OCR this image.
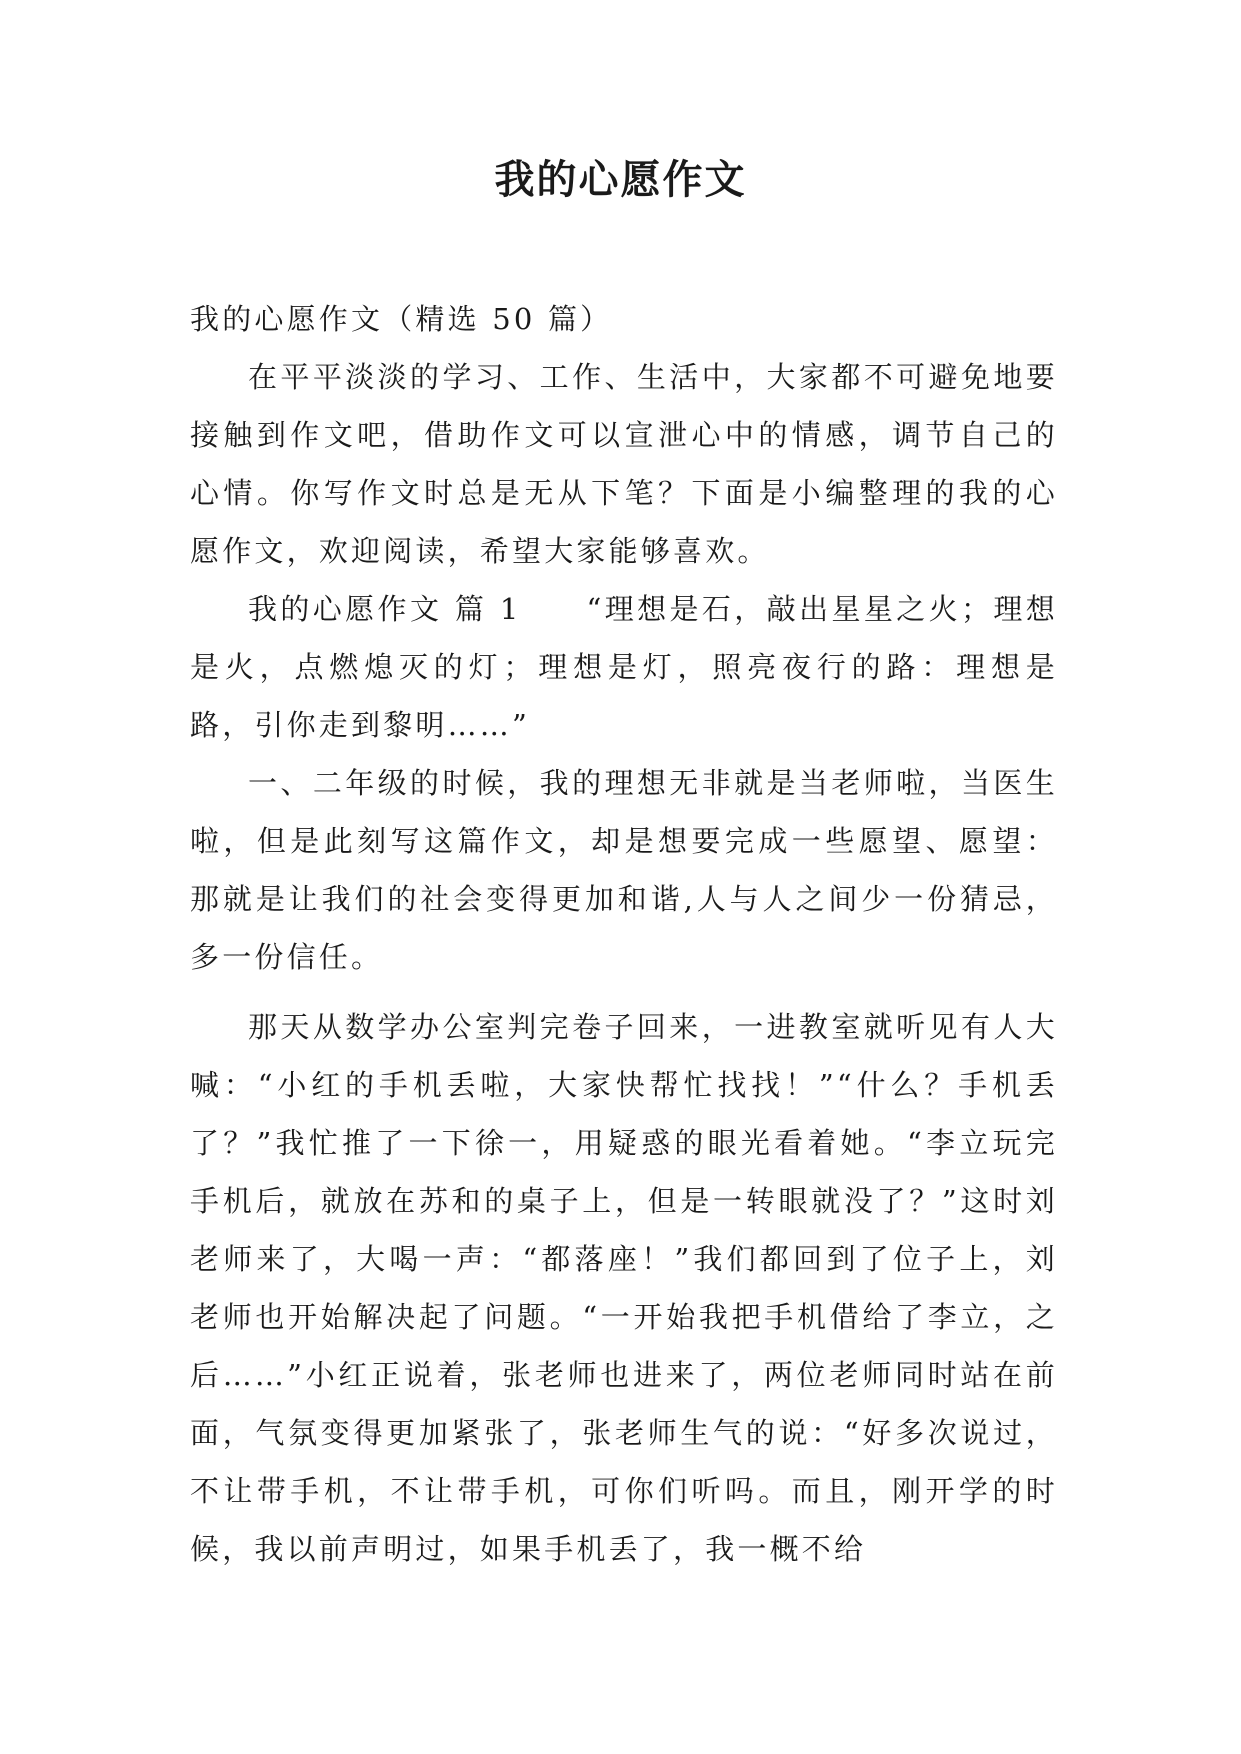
我的心愿作文

我的心愿作文（精选 50 篇）

在平平淡淡的学习、工作、生活中，大家都不可避免地要接触到作文吧，借助作文可以宣泄心中的情感，调节自己的心情。你写作文时总是无从下笔？下面是小编整理的我的心愿作文，欢迎阅读，希望大家能够喜欢。

我的心愿作文 篇 1　　“理想是石，敲出星星之火；理想是火，点燃熄灭的灯；理想是灯，照亮夜行的路：理想是路，引你走到黎明……”

一、二年级的时候，我的理想无非就是当老师啦，当医生啦，但是此刻写这篇作文，却是想要完成一些愿望、愿望：那就是让我们的社会变得更加和谐,人与人之间少一份猜忌，多一份信任。

那天从数学办公室判完卷子回来，一进教室就听见有人大喊：“小红的手机丢啦，大家快帮忙找找！”“什么？手机丢了？”我忙推了一下徐一，用疑惑的眼光看着她。“李立玩完手机后，就放在苏和的桌子上，但是一转眼就没了？”这时刘老师来了，大喝一声：“都落座！”我们都回到了位子上，刘老师也开始解决起了问题。“一开始我把手机借给了李立，之后……”小红正说着，张老师也进来了，两位老师同时站在前面，气氛变得更加紧张了，张老师生气的说：“好多次说过，不让带手机，不让带手机，可你们听吗。而且，刚开学的时候，我以前声明过，如果手机丢了，我一概不给
